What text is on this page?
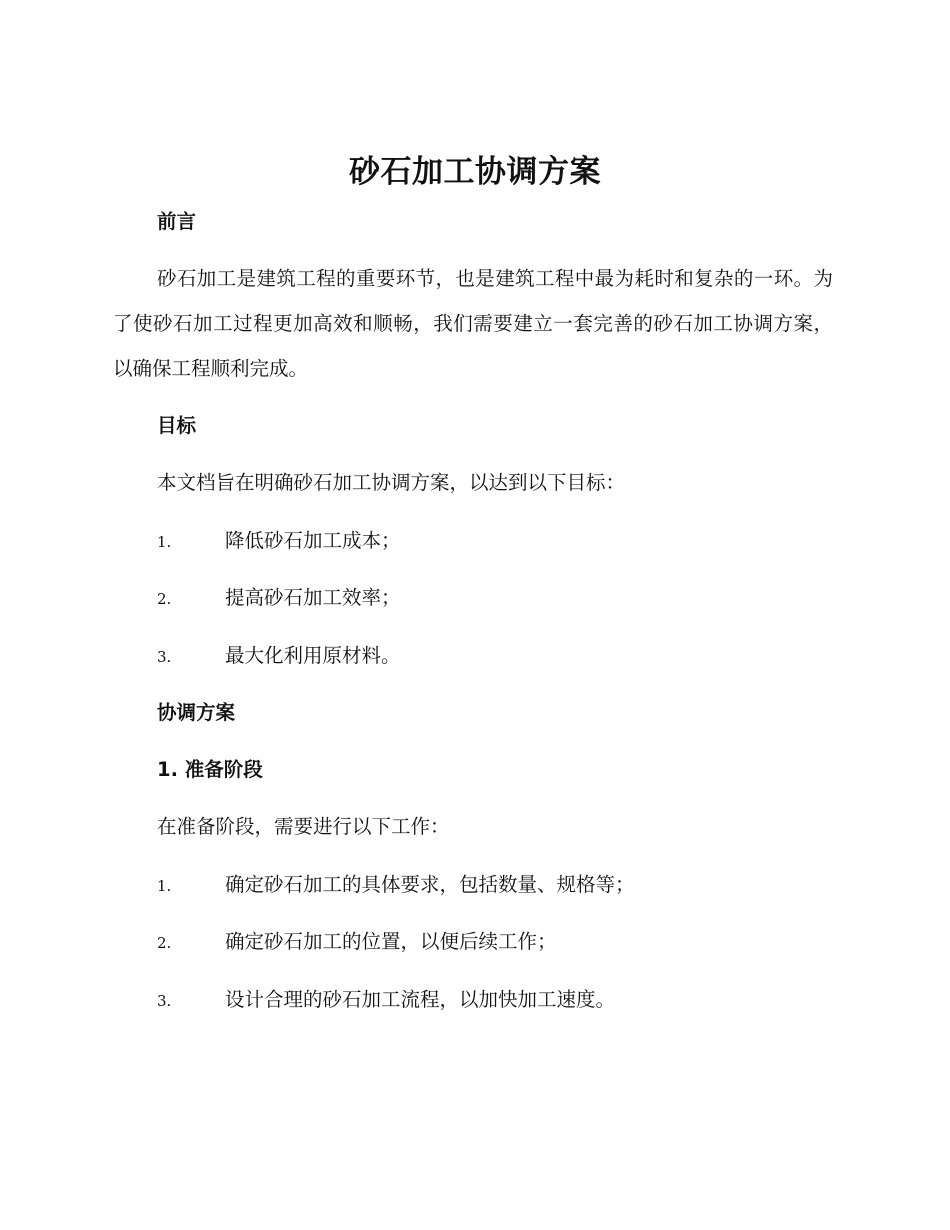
砂石加工协调方案
前言

砂石加工是建筑工程的重要环节，也是建筑工程中最为耗时和复杂的一环。为了使砂石加工过程更加高效和顺畅，我们需要建立一套完善的砂石加工协调方案，以确保工程顺利完成。

目标
本文档旨在明确砂石加工协调方案，以达到以下目标：
1.	降低砂石加工成本；
2.	提高砂石加工效率；
3.	最大化利用原材料。
协调方案
1. 准备阶段
在准备阶段，需要进行以下工作：
1.	确定砂石加工的具体要求，包括数量、规格等；
2.	确定砂石加工的位置，以便后续工作；
3.	设计合理的砂石加工流程，以加快加工速度。
